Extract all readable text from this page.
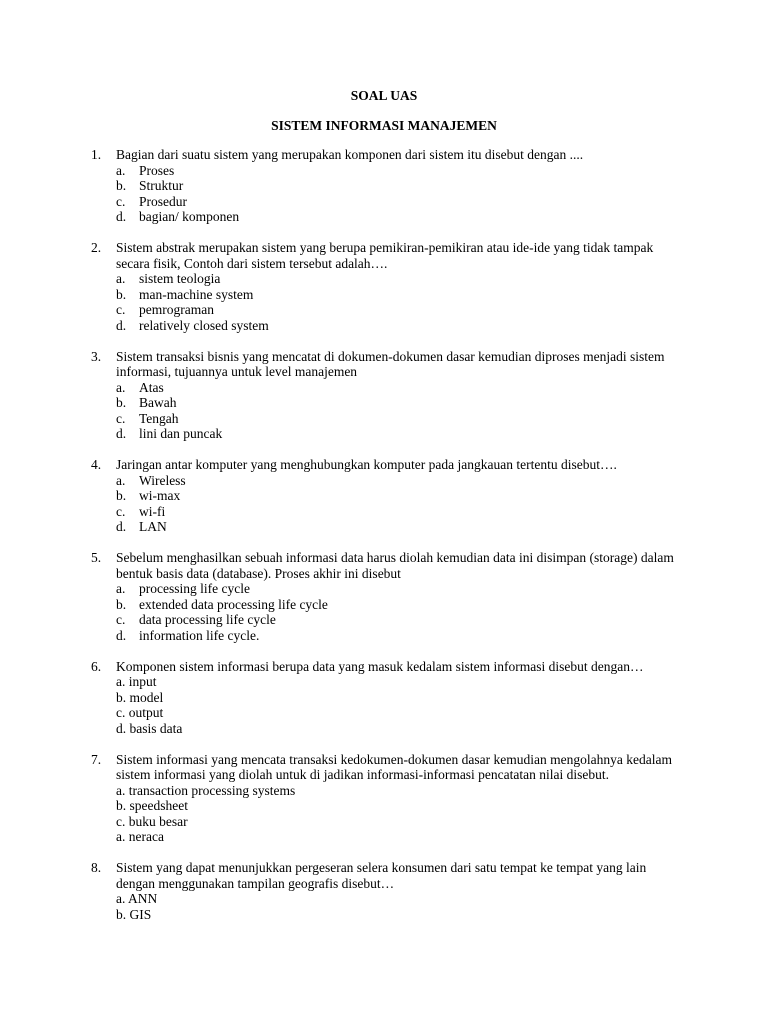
SOAL UAS
SISTEM INFORMASI MANAJEMEN
1.	Bagian dari suatu sistem yang merupakan komponen dari sistem itu disebut dengan ....
a. Proses
b. Struktur
c. Prosedur
d. bagian/ komponen
2.	Sistem abstrak merupakan sistem yang berupa pemikiran-pemikiran atau ide-ide yang tidak tampak secara fisik, Contoh dari sistem tersebut adalah….
a. sistem teologia
b. man-machine system
c. pemrograman
d. relatively closed system
3.	Sistem transaksi bisnis yang mencatat di dokumen-dokumen dasar kemudian diproses menjadi sistem informasi, tujuannya untuk level manajemen
a. Atas
b. Bawah
c. Tengah
d. lini dan puncak
4.	Jaringan antar komputer yang menghubungkan komputer pada jangkauan tertentu disebut….
a. Wireless
b. wi-max
c. wi-fi
d. LAN
5.	Sebelum menghasilkan sebuah informasi data harus diolah kemudian data ini disimpan (storage) dalam bentuk basis data (database). Proses akhir ini disebut
a. processing life cycle
b. extended data processing life cycle
c. data processing life cycle
d. information life cycle.
6.	Komponen sistem informasi berupa data yang masuk kedalam sistem informasi disebut dengan…
a. input
b. model
c. output
d. basis data
7.	Sistem informasi yang mencata transaksi kedokumen-dokumen dasar kemudian mengolahnya kedalam sistem informasi yang diolah untuk di jadikan informasi-informasi pencatatan nilai disebut.
a. transaction processing systems
b. speedsheet
c. buku besar
a. neraca
8.	Sistem yang dapat menunjukkan pergeseran selera konsumen dari satu tempat ke tempat yang lain dengan menggunakan tampilan geografis disebut…
a. ANN
b. GIS
